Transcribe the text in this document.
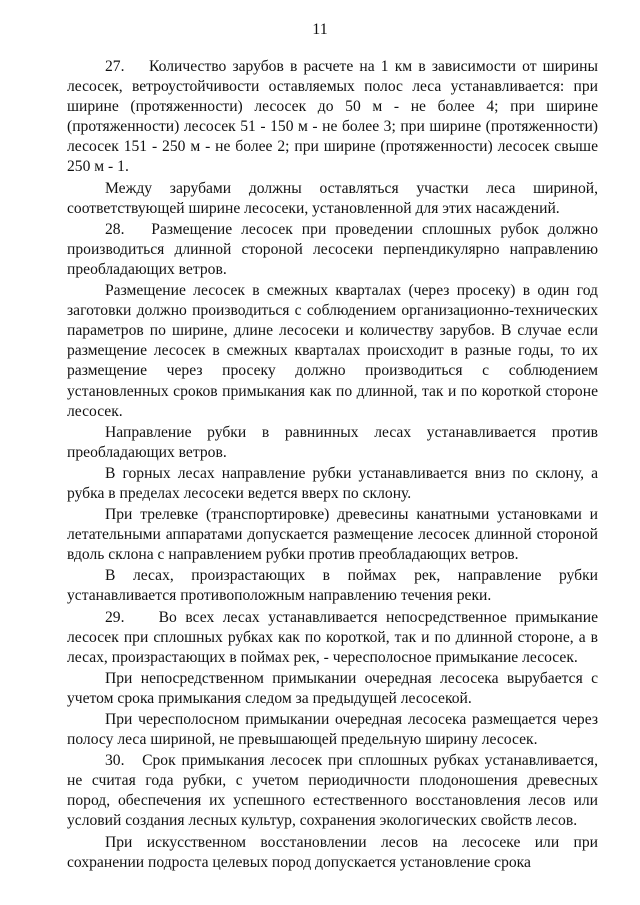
11

27.    Количество зарубов в расчете на 1 км в зависимости от ширины лесосек, ветроустойчивости оставляемых полос леса устанавливается: при ширине (протяженности) лесосек до 50 м - не более 4; при ширине (протяженности) лесосек 51 - 150 м - не более 3; при ширине (протяженности) лесосек 151 - 250 м - не более 2; при ширине (протяженности) лесосек свыше 250 м - 1.

Между зарубами должны оставляться участки леса шириной, соответствующей ширине лесосеки, установленной для этих насаждений.

28.   Размещение лесосек при проведении сплошных рубок должно производиться длинной стороной лесосеки перпендикулярно направлению преобладающих ветров.

Размещение лесосек в смежных кварталах (через просеку) в один год заготовки должно производиться с соблюдением организационно-технических параметров по ширине, длине лесосеки и количеству зарубов. В случае если размещение лесосек в смежных кварталах происходит в разные годы, то их размещение через просеку должно производиться с соблюдением установленных сроков примыкания как по длинной, так и по короткой стороне лесосек.

Направление рубки в равнинных лесах устанавливается против преобладающих ветров.

В горных лесах направление рубки устанавливается вниз по склону, а рубка в пределах лесосеки ведется вверх по склону.

При трелевке (транспортировке) древесины канатными установками и летательными аппаратами допускается размещение лесосек длинной стороной вдоль склона с направлением рубки против преобладающих ветров.

В лесах, произрастающих в поймах рек, направление рубки устанавливается противоположным направлению течения реки.

29.    Во всех лесах устанавливается непосредственное примыкание лесосек при сплошных рубках как по короткой, так и по длинной стороне, а в лесах, произрастающих в поймах рек, - чересполосное примыкание лесосек.

При непосредственном примыкании очередная лесосека вырубается с учетом срока примыкания следом за предыдущей лесосекой.

При чересполосном примыкании очередная лесосека размещается через полосу леса шириной, не превышающей предельную ширину лесосек.

30.   Срок примыкания лесосек при сплошных рубках устанавливается, не считая года рубки, с учетом периодичности плодоношения древесных пород, обеспечения их успешного естественного восстановления лесов или условий создания лесных культур, сохранения экологических свойств лесов.

При искусственном восстановлении лесов на лесосеке или при сохранении подроста целевых пород допускается установление срока
